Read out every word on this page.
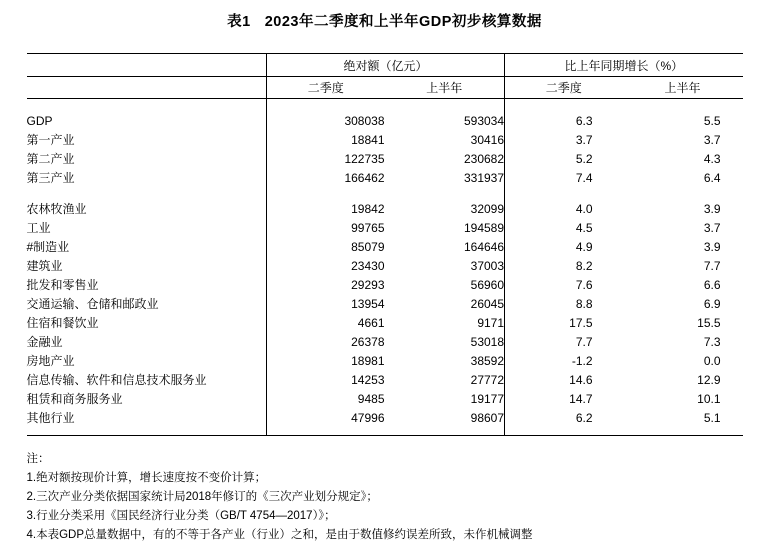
表1 2023年二季度和上半年GDP初步核算数据
	绝对额（亿元）		比上年同期增长（%）	
	二季度	上半年	二季度	上半年

GDP	308038	593034	6.3	5.5
第一产业	18841	30416	3.7	3.7
第二产业	122735	230682	5.2	4.3
第三产业	166462	331937	7.4	6.4

农林牧渔业	19842	32099	4.0	3.9
工业	99765	194589	4.5	3.7
#制造业	85079	164646	4.9	3.9
建筑业	23430	37003	8.2	7.7
批发和零售业	29293	56960	7.6	6.6
交通运输、仓储和邮政业	13954	26045	8.8	6.9
住宿和餐饮业	4661	9171	17.5	15.5
金融业	26378	53018	7.7	7.3
房地产业	18981	38592	-1.2	0.0
信息传输、软件和信息技术服务业	14253	27772	14.6	12.9
租赁和商务服务业	9485	19177	14.7	10.1
其他行业	47996	98607	6.2	5.1

注：
1.绝对额按现价计算，增长速度按不变价计算；
2.三次产业分类依据国家统计局2018年修订的《三次产业划分规定》；
3.行业分类采用《国民经济行业分类（GB/T 4754—2017）》；
4.本表GDP总量数据中，有的不等于各产业（行业）之和，是由于数值修约误差所致，未作机械调整
